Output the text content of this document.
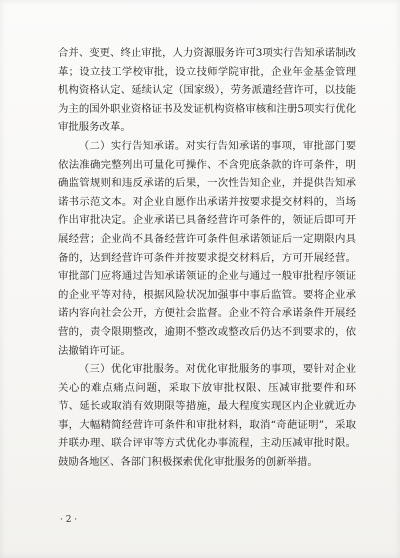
合并、变更、终止审批，人力资源服务许可3项实行告知承诺制改革；设立技工学校审批，设立技师学院审批，企业年金基金管理机构资格认定、延续认定（国家级），劳务派遣经营许可，以技能为主的国外职业资格证书及发证机构资格审核和注册5项实行优化审批服务改革。

（二）实行告知承诺。对实行告知承诺的事项，审批部门要依法准确完整列出可量化可操作、不含兜底条款的许可条件，明确监管规则和违反承诺的后果，一次性告知企业，并提供告知承诺书示范文本。对企业自愿作出承诺并按要求提交材料的，当场作出审批决定。企业承诺已具备经营许可条件的，领证后即可开展经营；企业尚不具备经营许可条件但承诺领证后一定期限内具备的，达到经营许可条件并按要求提交材料后，方可开展经营。审批部门应将通过告知承诺领证的企业与通过一般审批程序领证的企业平等对待，根据风险状况加强事中事后监管。要将企业承诺内容向社会公开，方便社会监督。企业不符合承诺条件开展经营的，责令限期整改，逾期不整改或整改后仍达不到要求的，依法撤销许可证。

（三）优化审批服务。对优化审批服务的事项，要针对企业关心的难点痛点问题，采取下放审批权限、压减审批要件和环节、延长或取消有效期限等措施，最大程度实现区内企业就近办事，大幅精简经营许可条件和审批材料，取消“奇葩证明”，采取并联办理、联合评审等方式优化办事流程，主动压减审批时限。鼓励各地区、各部门积极探索优化审批服务的创新举措。

· 2 ·
